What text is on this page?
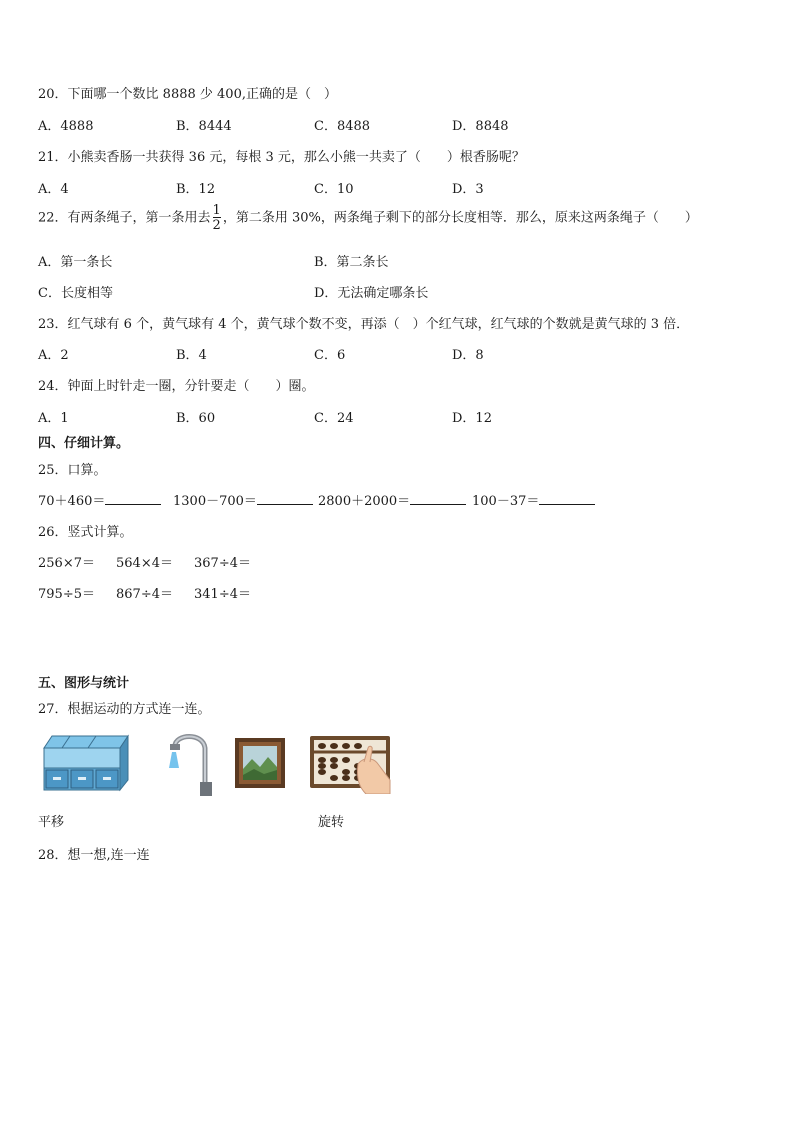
20．下面哪一个数比 8888 少 400,正确的是（　）
A．4888	B．8444	C．8488	D．8848
21．小熊卖香肠一共获得 36 元，每根 3 元，那么小熊一共卖了（　　）根香肠呢？
A．4	B．12	C．10	D．3
22．有两条绳子，第一条用去 $\frac{1}{2}$ ，第二条用 30%，两条绳子剩下的部分长度相等．那么，原来这两条绳子（　　）
A．第一条长	B．第二条长
C．长度相等	D．无法确定哪条长
23．红气球有 6 个，黄气球有 4 个，黄气球个数不变，再添（　）个红气球，红气球的个数就是黄气球的 3 倍．
A．2	B．4	C．6	D．8
24．钟面上时针走一圈，分针要走（　　）圈。
A．1	B．60	C．24	D．12
四、仔细计算。
25．口算。
70＋460＝	1300－700＝	2800＋2000＝	100－37＝
26．竖式计算。
256×7＝ 564×4＝ 367÷4＝
795÷5＝ 867÷4＝ 341÷4＝
五、图形与统计
27．根据运动的方式连一连。
平移	旋转
28．想一想,连一连
